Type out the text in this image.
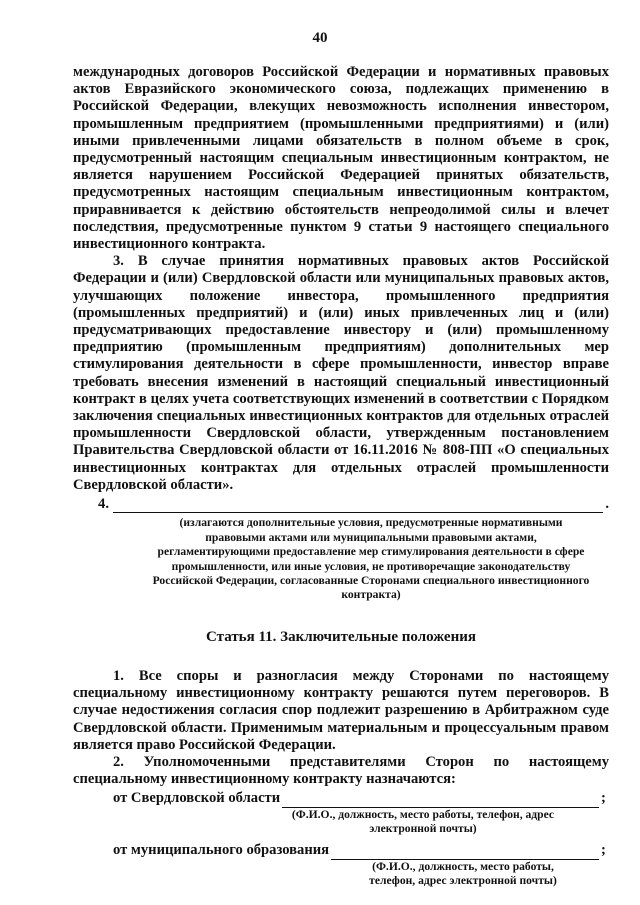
40

международных договоров Российской Федерации и нормативных правовых актов Евразийского экономического союза, подлежащих применению в Российской Федерации, влекущих невозможность исполнения инвестором, промышленным предприятием (промышленными предприятиями) и (или) иными привлеченными лицами обязательств в полном объеме в срок, предусмотренный настоящим специальным инвестиционным контрактом, не является нарушением Российской Федерацией принятых обязательств, предусмотренных настоящим специальным инвестиционным контрактом, приравнивается к действию обстоятельств непреодолимой силы и влечет последствия, предусмотренные пунктом 9 статьи 9 настоящего специального инвестиционного контракта.

3. В случае принятия нормативных правовых актов Российской Федерации и (или) Свердловской области или муниципальных правовых актов, улучшающих положение инвестора, промышленного предприятия (промышленных предприятий) и (или) иных привлеченных лиц и (или) предусматривающих предоставление инвестору и (или) промышленному предприятию (промышленным предприятиям) дополнительных мер стимулирования деятельности в сфере промышленности, инвестор вправе требовать внесения изменений в настоящий специальный инвестиционный контракт в целях учета соответствующих изменений в соответствии с Порядком заключения специальных инвестиционных контрактов для отдельных отраслей промышленности Свердловской области, утвержденным постановлением Правительства Свердловской области от 16.11.2016 № 808-ПП «О специальных инвестиционных контрактах для отдельных отраслей промышленности Свердловской области».

4.	.
(излагаются дополнительные условия, предусмотренные нормативными правовыми актами или муниципальными правовыми актами, регламентирующими предоставление мер стимулирования деятельности в сфере промышленности, или иные условия, не противоречащие законодательству Российской Федерации, согласованные Сторонами специального инвестиционного контракта)
Статья 11. Заключительные положения

1. Все споры и разногласия между Сторонами по настоящему специальному инвестиционному контракту решаются путем переговоров. В случае недостижения согласия спор подлежит разрешению в Арбитражном суде Свердловской области. Применимым материальным и процессуальным правом является право Российской Федерации.

2. Уполномоченными представителями Сторон по настоящему специальному инвестиционному контракту назначаются:

от Свердловской области	;
(Ф.И.О., должность, место работы, телефон, адрес электронной почты)
от муниципального образования	;
(Ф.И.О., должность, место работы, телефон, адрес электронной почты)
